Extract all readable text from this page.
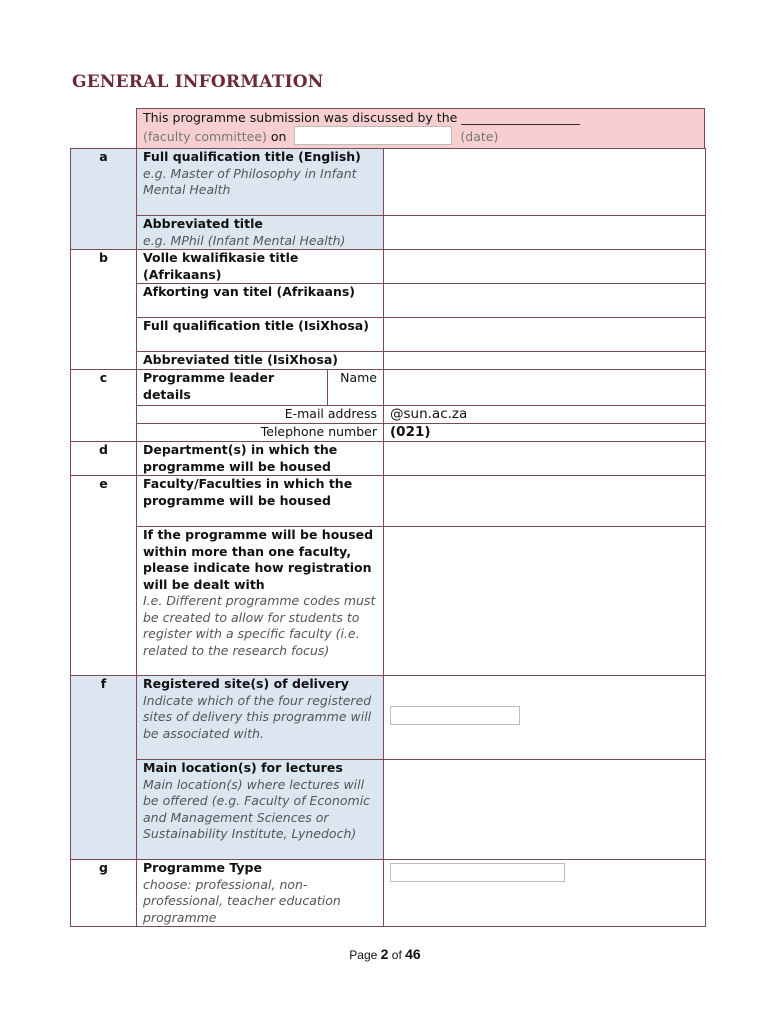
GENERAL INFORMATION
This programme submission was discussed by the ___________________
(faculty committee) on	(date)
a	Full qualification title (English)
e.g. Master of Philosophy in Infant Mental Health	

	Abbreviated title
e.g. MPhil (Infant Mental Health)	

b	Volle kwalifikasie title (Afrikaans)	
	Afkorting van titel (Afrikaans)	
	Full qualification title (IsiXhosa)	
	Abbreviated title (IsiXhosa)	
c	Programme leader details
Name	

	E-mail address	@sun.ac.za
	Telephone number	(021)
d	Department(s) in which the programme will be housed	
e	Faculty/Faculties in which the programme will be housed	

	If the programme will be housed within more than one faculty, please indicate how registration will be dealt with
I.e. Different programme codes must be created to allow for students to register with a specific faculty (i.e. related to the research focus)	

f	Registered site(s) of delivery
Indicate which of the four registered sites of delivery this programme will be associated with.	

	Main location(s) for lectures
Main location(s) where lectures will be offered (e.g. Faculty of Economic and Management Sciences or Sustainability Institute, Lynedoch)	

g	Programme Type
choose: professional, non-professional, teacher education programme	

Page 2 of 46
